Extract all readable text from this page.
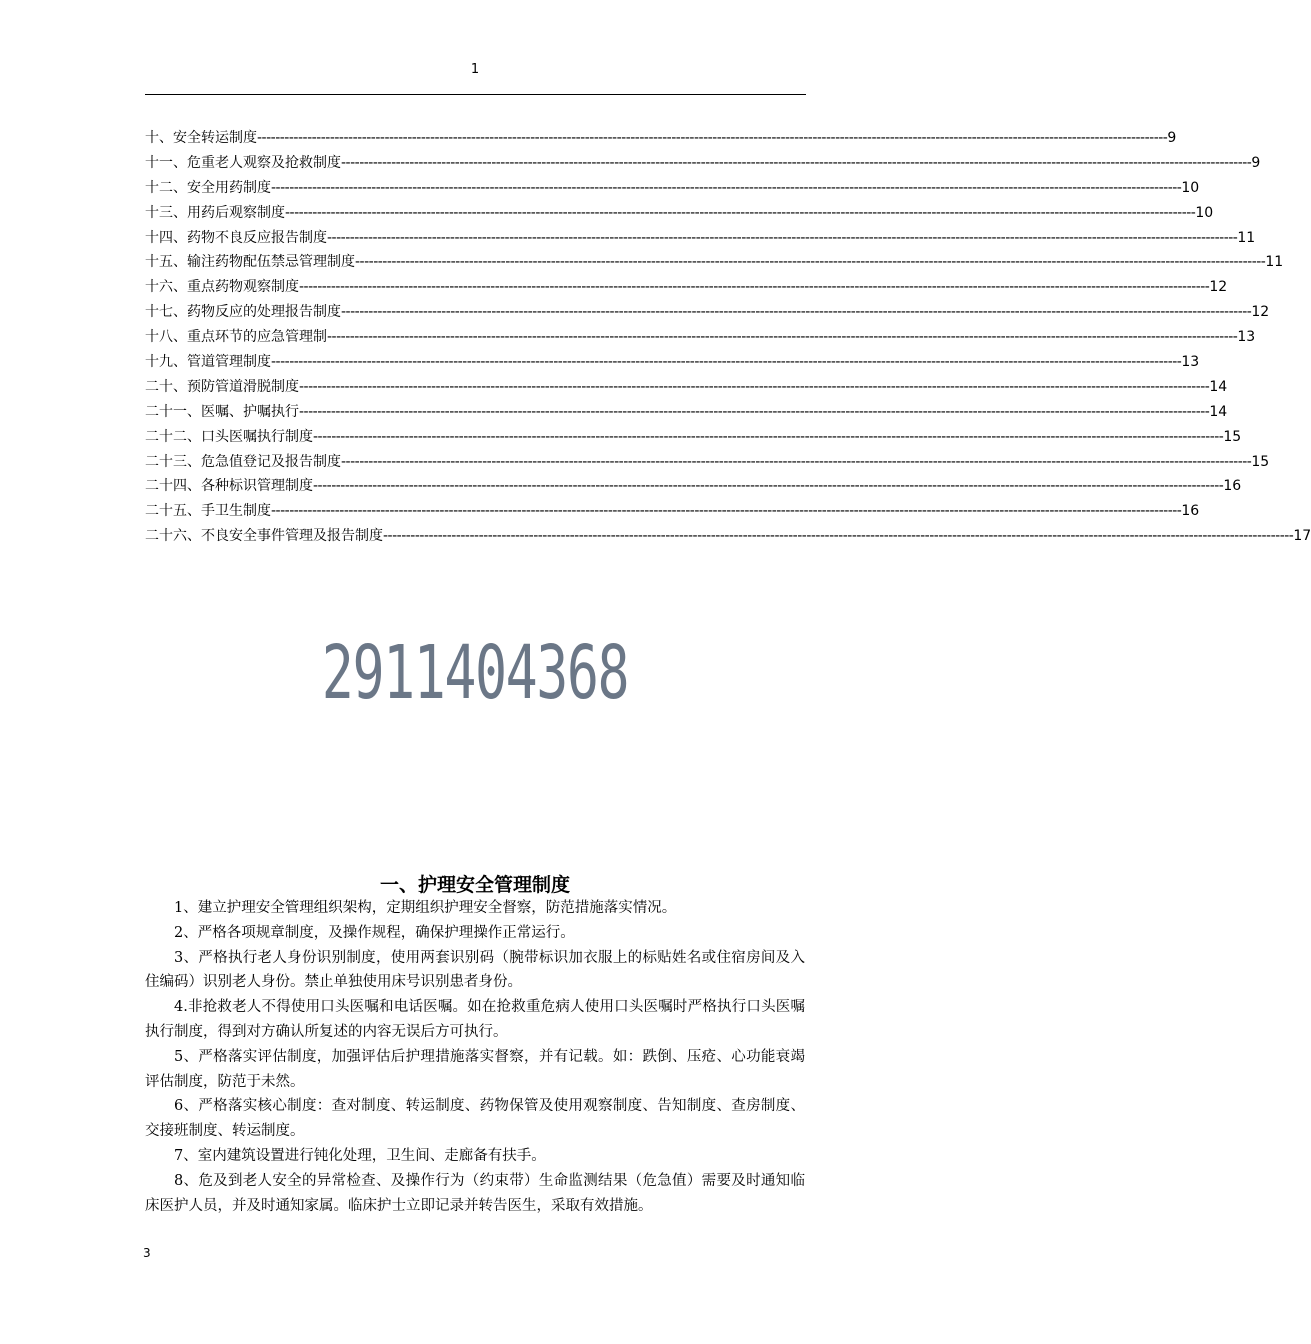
1
十、安全转运制度 -------------------------------------------------------------------------------------------------------------------------------------------------------------------------------------------------------- 9
十一、危重老人观察及抢救制度 -------------------------------------------------------------------------------------------------------------------------------------------------------------------------------------------------------- 9
十二、安全用药制度 -------------------------------------------------------------------------------------------------------------------------------------------------------------------------------------------------------- 10
十三、用药后观察制度 -------------------------------------------------------------------------------------------------------------------------------------------------------------------------------------------------------- 10
十四、药物不良反应报告制度 -------------------------------------------------------------------------------------------------------------------------------------------------------------------------------------------------------- 11
十五、输注药物配伍禁忌管理制度 -------------------------------------------------------------------------------------------------------------------------------------------------------------------------------------------------------- 11
十六、重点药物观察制度 -------------------------------------------------------------------------------------------------------------------------------------------------------------------------------------------------------- 12
十七、药物反应的处理报告制度 -------------------------------------------------------------------------------------------------------------------------------------------------------------------------------------------------------- 12
十八、重点环节的应急管理制 -------------------------------------------------------------------------------------------------------------------------------------------------------------------------------------------------------- 13
十九、管道管理制度 -------------------------------------------------------------------------------------------------------------------------------------------------------------------------------------------------------- 13
二十、预防管道滑脱制度 -------------------------------------------------------------------------------------------------------------------------------------------------------------------------------------------------------- 14
二十一、医嘱、护嘱执行 -------------------------------------------------------------------------------------------------------------------------------------------------------------------------------------------------------- 14
二十二、口头医嘱执行制度 -------------------------------------------------------------------------------------------------------------------------------------------------------------------------------------------------------- 15
二十三、危急值登记及报告制度 -------------------------------------------------------------------------------------------------------------------------------------------------------------------------------------------------------- 15
二十四、各种标识管理制度 -------------------------------------------------------------------------------------------------------------------------------------------------------------------------------------------------------- 16
二十五、手卫生制度 -------------------------------------------------------------------------------------------------------------------------------------------------------------------------------------------------------- 16
二十六、不良安全事件管理及报告制度 -------------------------------------------------------------------------------------------------------------------------------------------------------------------------------------------------------- 17
2911404368
一、护理安全管理制度

1、建立护理安全管理组织架构，定期组织护理安全督察，防范措施落实情况。

2、严格各项规章制度，及操作规程，确保护理操作正常运行。

3、严格执行老人身份识别制度，使用两套识别码（腕带标识加衣服上的标贴姓名或住宿房间及入住编码）识别老人身份。禁止单独使用床号识别患者身份。

4.非抢救老人不得使用口头医嘱和电话医嘱。如在抢救重危病人使用口头医嘱时严格执行口头医嘱执行制度，得到对方确认所复述的内容无误后方可执行。

5、严格落实评估制度，加强评估后护理措施落实督察，并有记载。如：跌倒、压疮、心功能衰竭评估制度，防范于未然。

6、严格落实核心制度：查对制度、转运制度、药物保管及使用观察制度、告知制度、查房制度、交接班制度、转运制度。

7、室内建筑设置进行钝化处理，卫生间、走廊备有扶手。

8、危及到老人安全的异常检查、及操作行为（约束带）生命监测结果（危急值）需要及时通知临床医护人员，并及时通知家属。临床护士立即记录并转告医生，采取有效措施。

3
